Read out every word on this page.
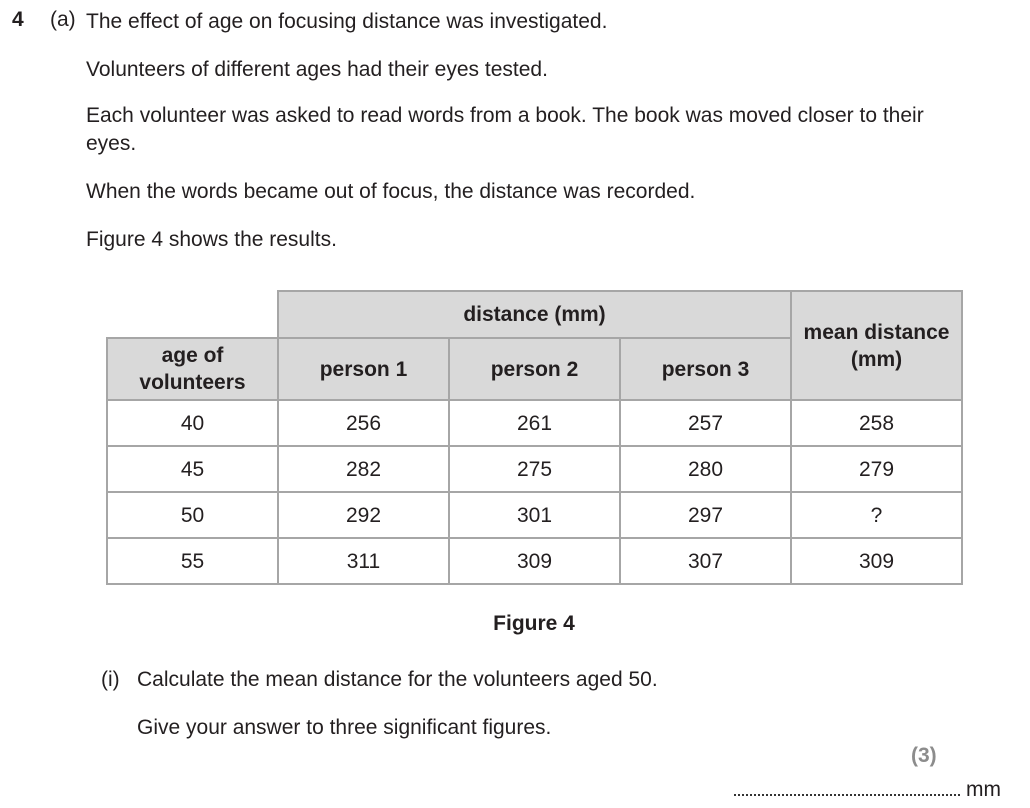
4 (a) The effect of age on focusing distance was investigated.
Volunteers of different ages had their eyes tested.
Each volunteer was asked to read words from a book. The book was moved closer to their eyes.
When the words became out of focus, the distance was recorded.
Figure 4 shows the results.
	distance (mm)			mean distance (mm)
age of volunteers	person 1	person 2	person 3	
40	256	261	257	258
45	282	275	280	279
50	292	301	297	?
55	311	309	307	309
Figure 4
(i) Calculate the mean distance for the volunteers aged 50.
Give your answer to three significant figures.
(3)
mm
